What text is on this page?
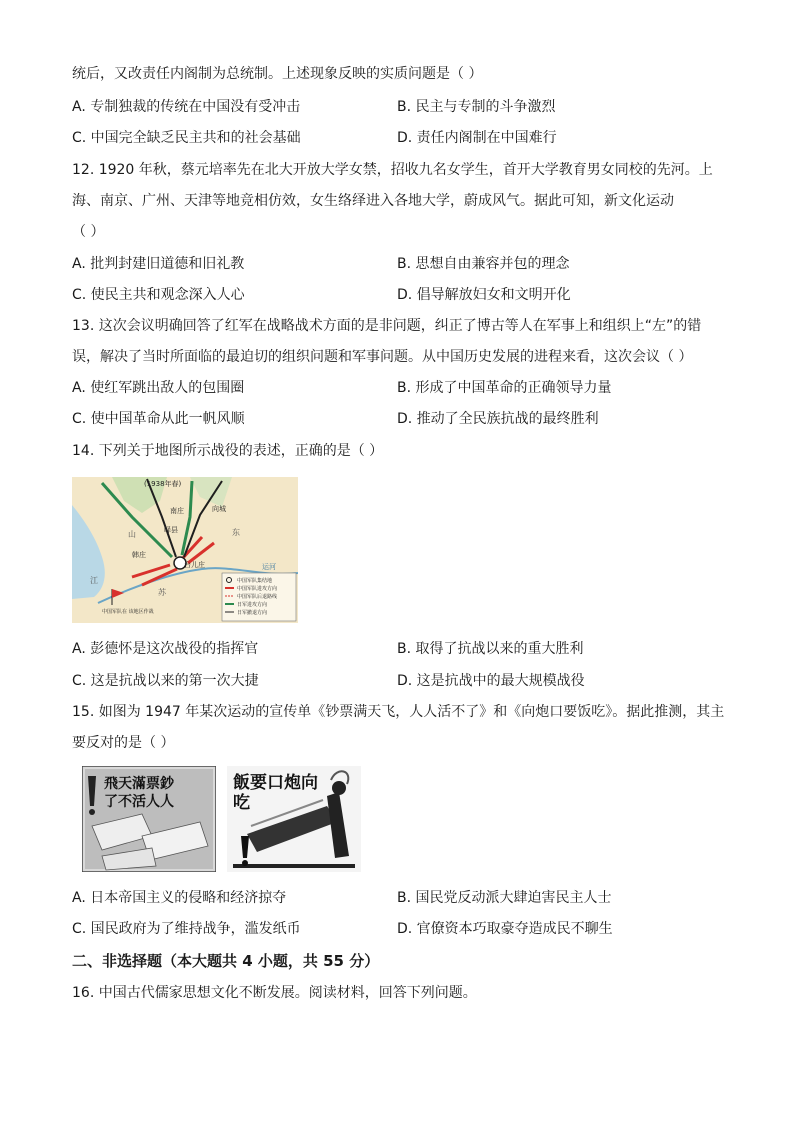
统后，又改责任内阁制为总统制。上述现象反映的实质问题是（ ）
A. 专制独裁的传统在中国没有受冲击	B. 民主与专制的斗争激烈
C. 中国完全缺乏民主共和的社会基础	D. 责任内阁制在中国难行
12. 1920 年秋，蔡元培率先在北大开放大学女禁，招收九名女学生，首开大学教育男女同校的先河。上
海、南京、广州、天津等地竞相仿效，女生络绎进入各地大学，蔚成风气。据此可知，新文化运动
（ ）
A. 批判封建旧道德和旧礼教	B. 思想自由兼容并包的理念
C. 使民主共和观念深入人心	D. 倡导解放妇女和文明开化
13. 这次会议明确回答了红军在战略战术方面的是非问题，纠正了博古等人在军事上和组织上“左”的错
误，解决了当时所面临的最迫切的组织问题和军事问题。从中国历史发展的进程来看，这次会议（ ）
A. 使红军跳出敌人的包围圈	B. 形成了中国革命的正确领导力量
C. 使中国革命从此一帆风顺	D. 推动了全民族抗战的最终胜利
14. 下列关于地图所示战役的表述，正确的是（ ）
(1938年春)
南庄	向城
峄县
韩庄
台儿庄
山	东
江
苏
运河
中国军队在 该地区作战
中国军队集结地
中国军队进攻方向
中国军队后退路线
日军进攻方向
日军撤退方向
A. 彭德怀是这次战役的指挥官	B. 取得了抗战以来的重大胜利
C. 这是抗战以来的第一次大捷	D. 这是抗战中的最大规模战役
15. 如图为 1947 年某次运动的宣传单《钞票满天飞，人人活不了》和《向炮口要饭吃》。据此推测，其主
要反对的是（ ）
飛天滿票鈔
了不活人人
飯要口炮向
吃
A. 日本帝国主义的侵略和经济掠夺	B. 国民党反动派大肆迫害民主人士
C. 国民政府为了维持战争，滥发纸币	D. 官僚资本巧取豪夺造成民不聊生
二、非选择题（本大题共 4 小题，共 55 分）
16. 中国古代儒家思想文化不断发展。阅读材料，回答下列问题。
